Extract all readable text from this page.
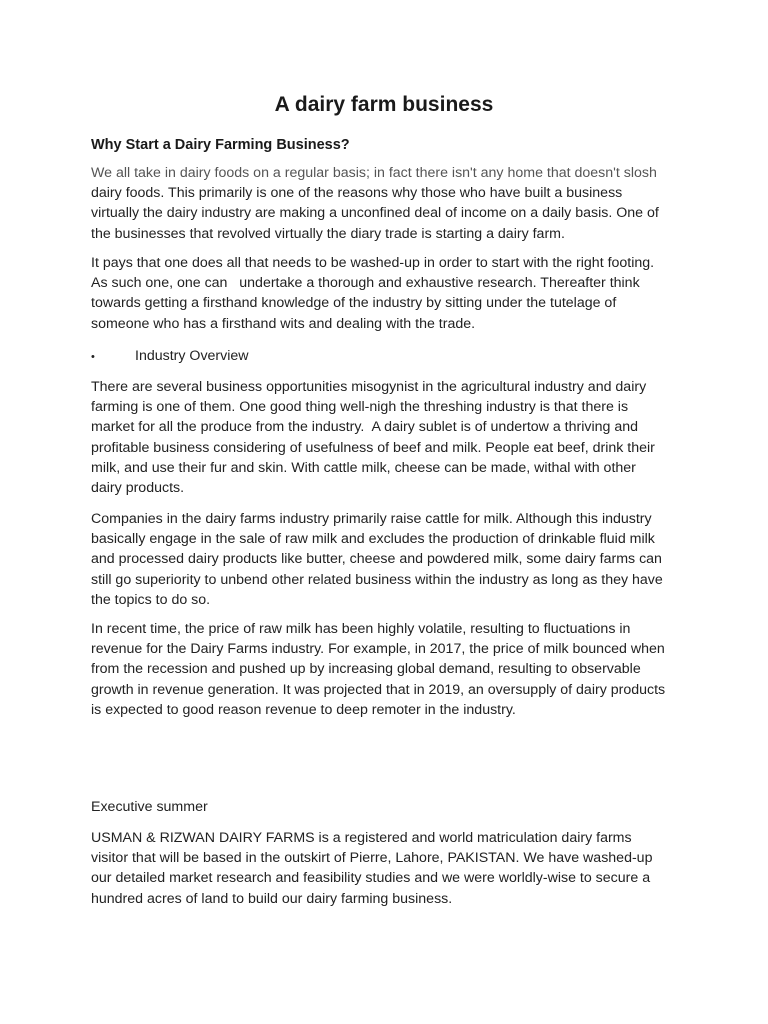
A dairy farm business

Why Start a Dairy Farming Business?

We all take in dairy foods on a regular basis; in fact there isn't any home that doesn't slosh
dairy foods. This primarily is one of the reasons why those who have built a business
virtually the dairy industry are making a unconfined deal of income on a daily basis. One of
the businesses that revolved virtually the diary trade is starting a dairy farm.

It pays that one does all that needs to be washed-up in order to start with the right footing.
As such one, one can   undertake a thorough and exhaustive research. Thereafter think
towards getting a firsthand knowledge of the industry by sitting under the tutelage of
someone who has a firsthand wits and dealing with the trade.

•	Industry Overview

There are several business opportunities misogynist in the agricultural industry and dairy
farming is one of them. One good thing well-nigh the threshing industry is that there is
market for all the produce from the industry.  A dairy sublet is of undertow a thriving and
profitable business considering of usefulness of beef and milk. People eat beef, drink their
milk, and use their fur and skin. With cattle milk, cheese can be made, withal with other
dairy products.

Companies in the dairy farms industry primarily raise cattle for milk. Although this industry
basically engage in the sale of raw milk and excludes the production of drinkable fluid milk
and processed dairy products like butter, cheese and powdered milk, some dairy farms can
still go superiority to unbend other related business within the industry as long as they have
the topics to do so.

In recent time, the price of raw milk has been highly volatile, resulting to fluctuations in
revenue for the Dairy Farms industry. For example, in 2017, the price of milk bounced when
from the recession and pushed up by increasing global demand, resulting to observable
growth in revenue generation. It was projected that in 2019, an oversupply of dairy products
is expected to good reason revenue to deep remoter in the industry.

Executive summer

USMAN & RIZWAN DAIRY FARMS is a registered and world matriculation dairy farms
visitor that will be based in the outskirt of Pierre, Lahore, PAKISTAN. We have washed-up
our detailed market research and feasibility studies and we were worldly-wise to secure a
hundred acres of land to build our dairy farming business.
